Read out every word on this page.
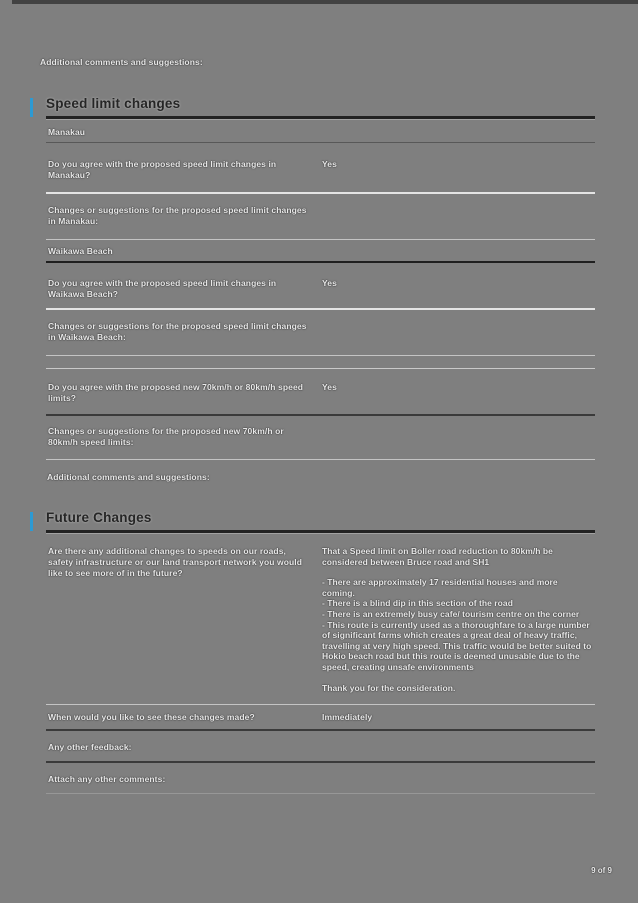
Additional comments and suggestions:
Speed limit changes
Manakau
Do you agree with the proposed speed limit changes in Manakau?
Yes
Changes or suggestions for the proposed speed limit changes in Manakau:
Waikawa Beach
Do you agree with the proposed speed limit changes in Waikawa Beach?
Yes
Changes or suggestions for the proposed speed limit changes in Waikawa Beach:
Do you agree with the proposed new 70km/h or 80km/h speed limits?
Yes
Changes or suggestions for the proposed new 70km/h or 80km/h speed limits:
Additional comments and suggestions:
Future Changes
Are there any additional changes to speeds on our roads, safety infrastructure or our land transport network you would like to see more of in the future?
That a Speed limit on Boller road reduction to 80km/h be considered between Bruce road and SH1
- There are approximately 17 residential houses and more coming.
- There is a blind dip in this section of the road
- There is an extremely busy cafe/ tourism centre on the corner
- This route is currently used as a thoroughfare to a large number of significant farms which creates a great deal of heavy traffic, travelling at very high speed. This traffic would be better suited to Hokio beach road but this route is deemed unusable due to the speed, creating unsafe environments
Thank you for the consideration.
When would you like to see these changes made?	Immediately
Any other feedback:
Attach any other comments:
9 of 9
